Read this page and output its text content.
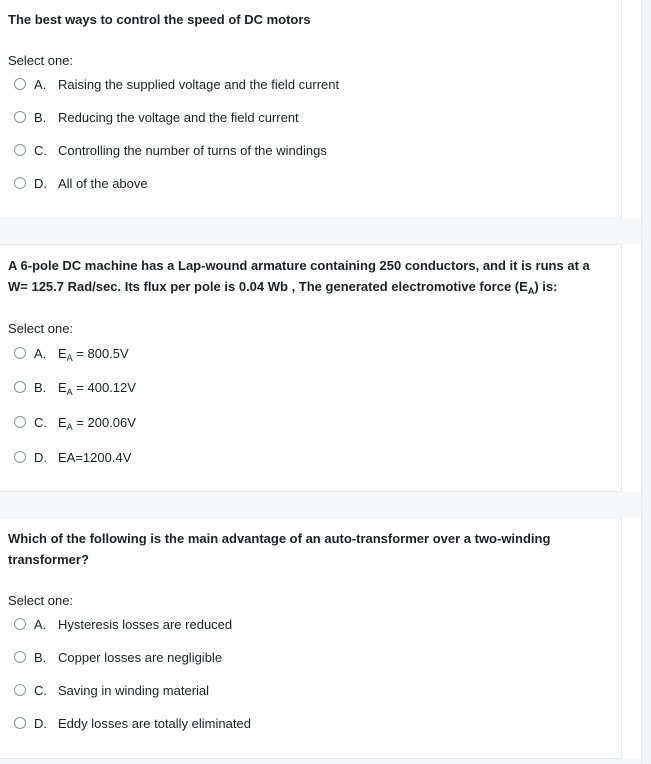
The best ways to control the speed of DC motors
Select one:
A. Raising the supplied voltage and the field current
B. Reducing the voltage and the field current
C. Controlling the number of turns of the windings
D. All of the above
A 6-pole DC machine has a Lap-wound armature containing 250 conductors, and it is runs at a
W= 125.7 Rad/sec. Its flux per pole is 0.04 Wb , The generated electromotive force $(E_A)$ is:
Select one:
A. $E_A = 800.5V$
B. $E_A = 400.12V$
C. $E_A = 200.06V$
D. EA=1200.4V
Which of the following is the main advantage of an auto-transformer over a two-winding
transformer?
Select one:
A. Hysteresis losses are reduced
B. Copper losses are negligible
C. Saving in winding material
D. Eddy losses are totally eliminated
